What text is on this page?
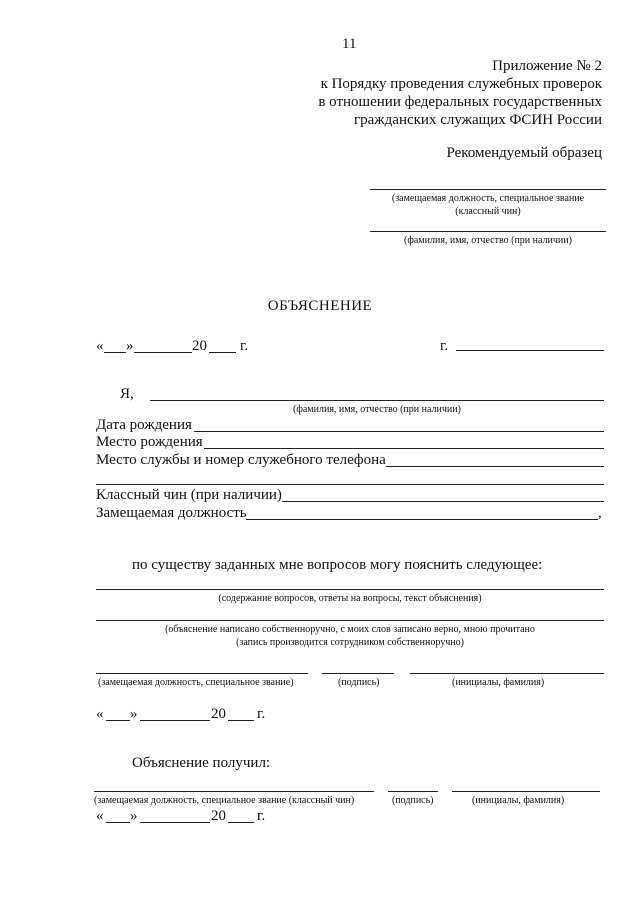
11
Приложение № 2
к Порядку проведения служебных проверок
в отношении федеральных государственных
гражданских служащих ФСИН России
Рекомендуемый образец
(замещаемая должность, специальное звание
(классный чин)
(фамилия, имя, отчество (при наличии)
ОБЪЯСНЕНИЕ
« »	20 г.	г.
Я,
(фамилия, имя, отчество (при наличии)
Дата рождения
Место рождения
Место службы и номер служебного телефона
Классный чин (при наличии)
Замещаемая должность	,
по существу заданных мне вопросов могу пояснить следующее:
(содержание вопросов, ответы на вопросы, текст объяснения)
(объяснение написано собственноручно, с моих слов записано верно, мною прочитано
(запись производится сотрудником собственноручно)
(замещаемая должность, специальное звание)	(подпись)	(инициалы, фамилия)
« »	20 г.
Объяснение получил:
(замещаемая должность, специальное звание (классный чин)	(подпись)	(инициалы, фамилия)
« »	20 г.
